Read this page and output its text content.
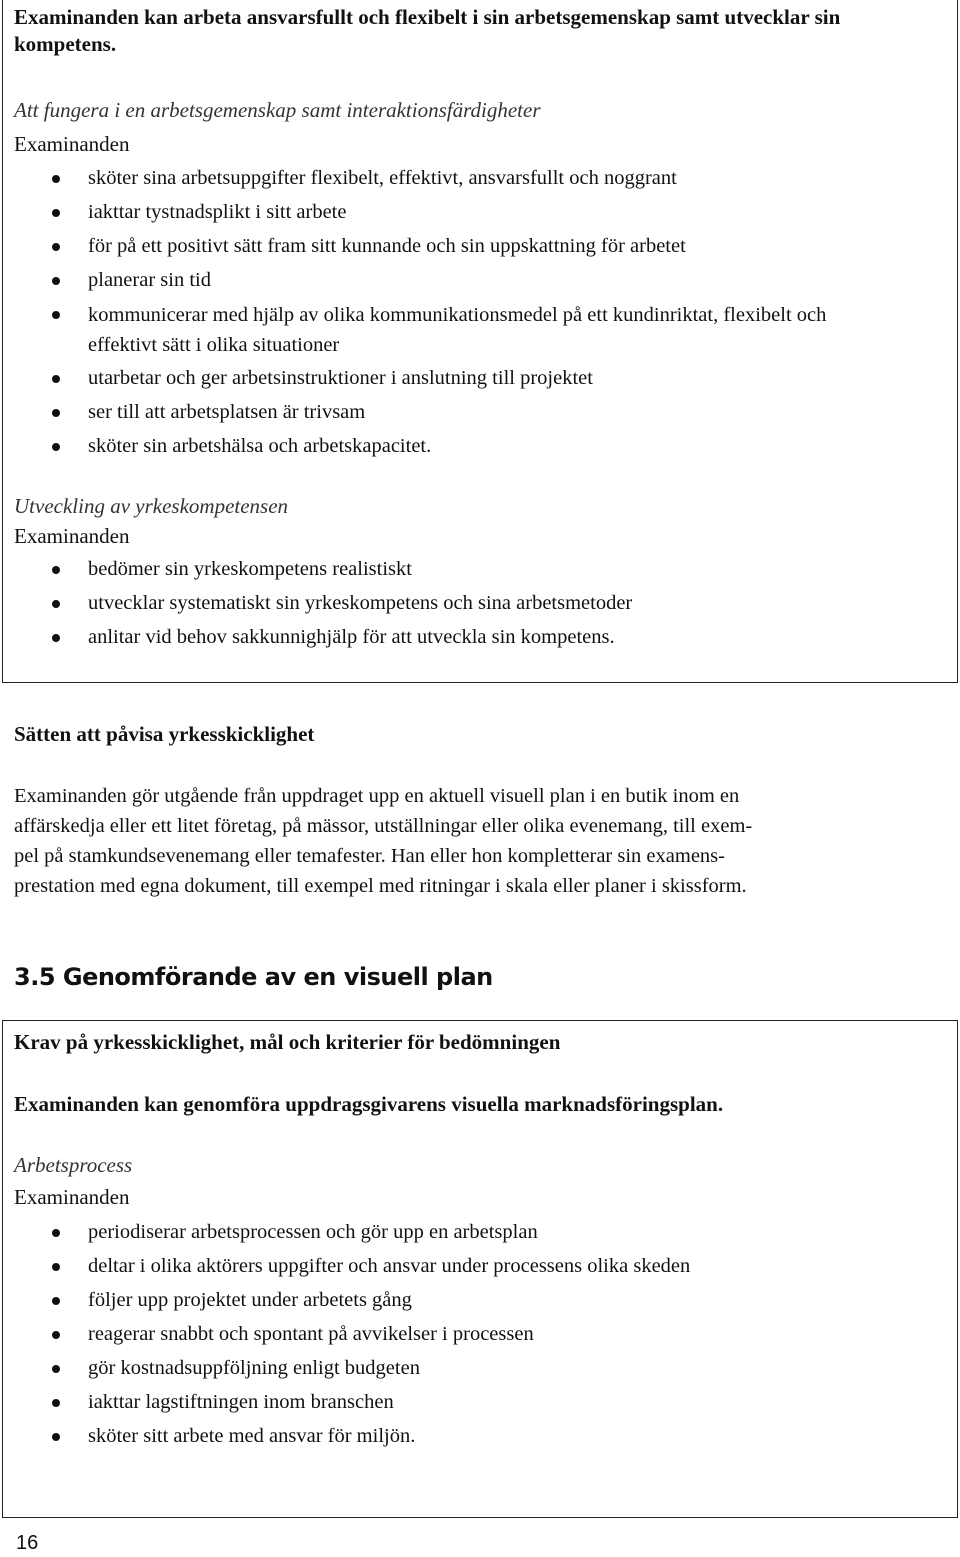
Examinanden kan arbeta ansvarsfullt och flexibelt i sin arbetsgemenskap samt utvecklar sin kompetens.

Att fungera i en arbetsgemenskap samt interaktionsfärdigheter

Examinanden

sköter sina arbetsuppgifter flexibelt, effektivt, ansvarsfullt och noggrant
iakttar tystnadsplikt i sitt arbete
för på ett positivt sätt fram sitt kunnande och sin uppskattning för arbetet
planerar sin tid
kommunicerar med hjälp av olika kommunikationsmedel på ett kundinriktat, flexibelt och effektivt sätt i olika situationer
utarbetar och ger arbetsinstruktioner i anslutning till projektet
ser till att arbetsplatsen är trivsam
sköter sin arbetshälsa och arbetskapacitet.

Utveckling av yrkeskompetensen

Examinanden

bedömer sin yrkeskompetens realistiskt
utvecklar systematiskt sin yrkeskompetens och sina arbetsmetoder
anlitar vid behov sakkunnighjälp för att utveckla sin kompetens.

Sätten att påvisa yrkesskicklighet

Examinanden gör utgående från uppdraget upp en aktuell visuell plan i en butik inom en
affärskedja eller ett litet företag, på mässor, utställningar eller olika evenemang, till exem-
pel på stamkundsevenemang eller temafester. Han eller hon kompletterar sin examens-
prestation med egna dokument, till exempel med ritningar i skala eller planer i skissform.

3.5 Genomförande av en visuell plan

Krav på yrkesskicklighet, mål och kriterier för bedömningen

Examinanden kan genomföra uppdragsgivarens visuella marknadsföringsplan.

Arbetsprocess

Examinanden

periodiserar arbetsprocessen och gör upp en arbetsplan
deltar i olika aktörers uppgifter och ansvar under processens olika skeden
följer upp projektet under arbetets gång
reagerar snabbt och spontant på avvikelser i processen
gör kostnadsuppföljning enligt budgeten
iakttar lagstiftningen inom branschen
sköter sitt arbete med ansvar för miljön.

16
